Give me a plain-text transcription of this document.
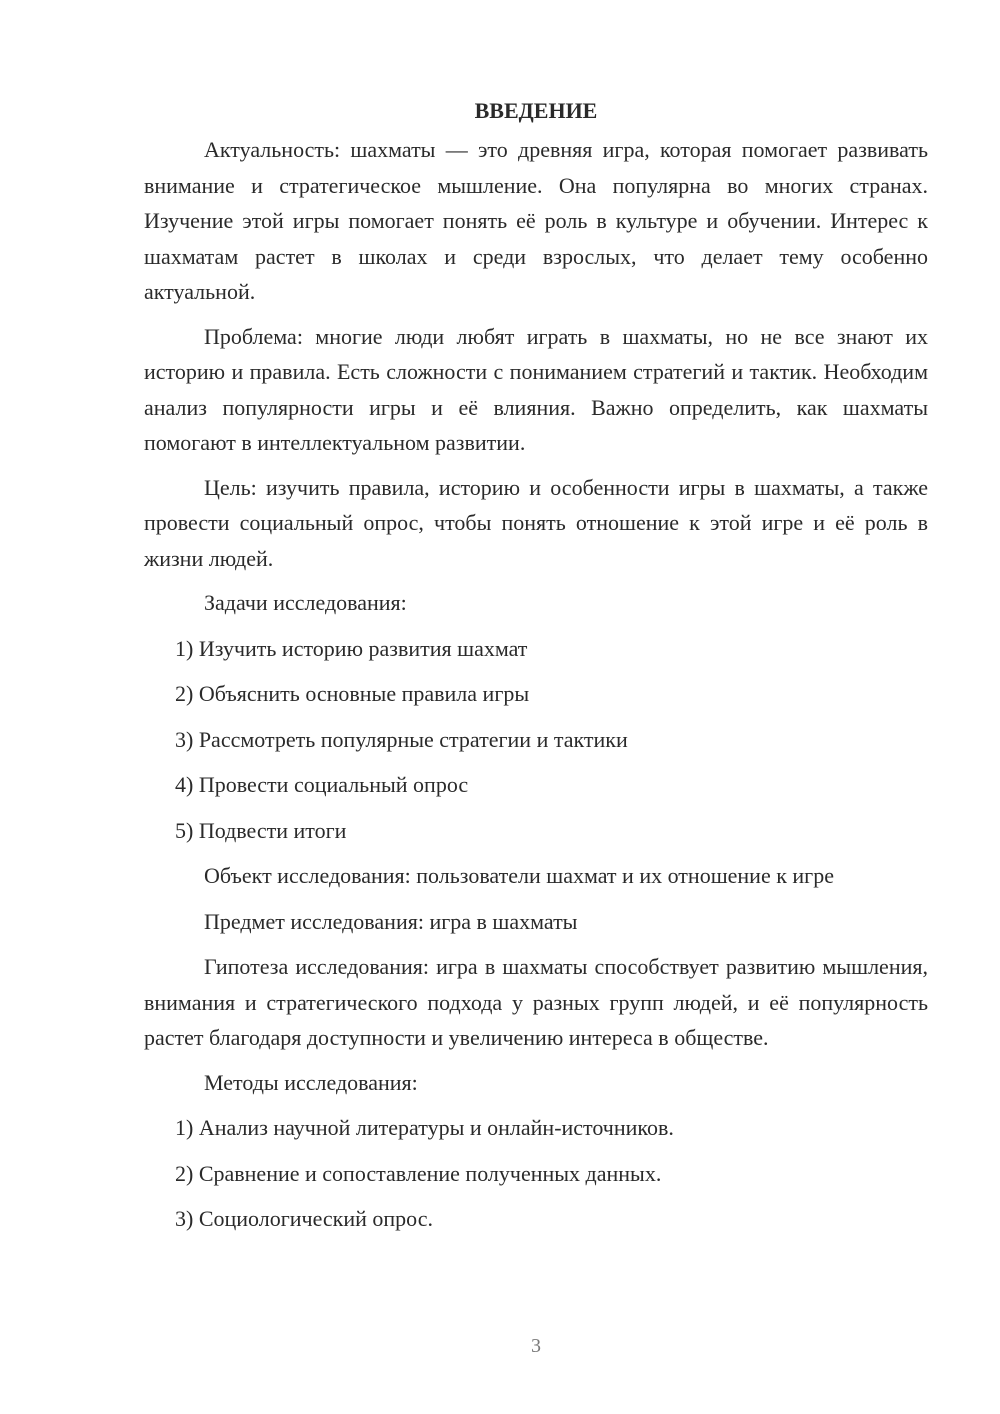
ВВЕДЕНИЕ

Актуальность: шахматы — это древняя игра, которая помогает развивать внимание и стратегическое мышление. Она популярна во многих странах. Изучение этой игры помогает понять её роль в культуре и обучении. Интерес к шахматам растет в школах и среди взрослых, что делает тему особенно актуальной.

Проблема: многие люди любят играть в шахматы, но не все знают их историю и правила. Есть сложности с пониманием стратегий и тактик. Необходим анализ популярности игры и её влияния. Важно определить, как шахматы помогают в интеллектуальном развитии.

Цель: изучить правила, историю и особенности игры в шахматы, а также провести социальный опрос, чтобы понять отношение к этой игре и её роль в жизни людей.

Задачи исследования:
1) Изучить историю развития шахмат
2) Объяснить основные правила игры
3) Рассмотреть популярные стратегии и тактики
4) Провести социальный опрос
5) Подвести итоги
Объект исследования: пользователи шахмат и их отношение к игре
Предмет исследования: игра в шахматы

Гипотеза исследования: игра в шахматы способствует развитию мышления, внимания и стратегического подхода у разных групп людей, и её популярность растет благодаря доступности и увеличению интереса в обществе.

Методы исследования:
1) Анализ научной литературы и онлайн-источников.
2) Сравнение и сопоставление полученных данных.
3) Социологический опрос.
3
